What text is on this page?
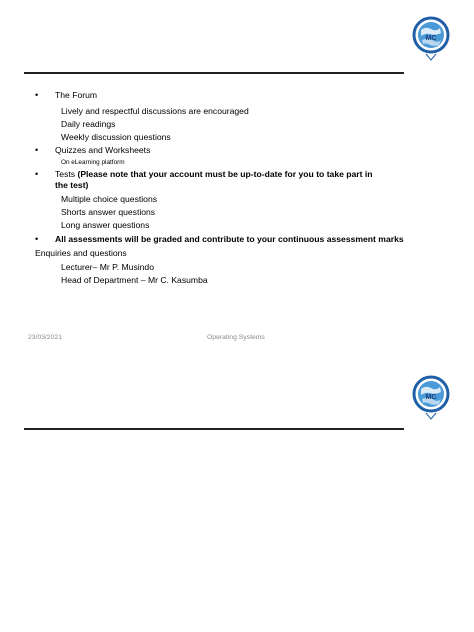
MC
• The Forum
Lively and respectful discussions are encouraged
Daily readings
Weekly discussion questions
• Quizzes and Worksheets
On eLearning platform
• Tests (Please note that your account must be up-to-date for you to take part in the test)
Multiple choice questions
Shorts answer questions
Long answer questions
• All assessments will be graded and contribute to your continuous assessment marks
Enquiries and questions
Lecturer– Mr P. Musindo
Head of Department – Mr C. Kasumba
23/03/2021	Operating Systems
MC
